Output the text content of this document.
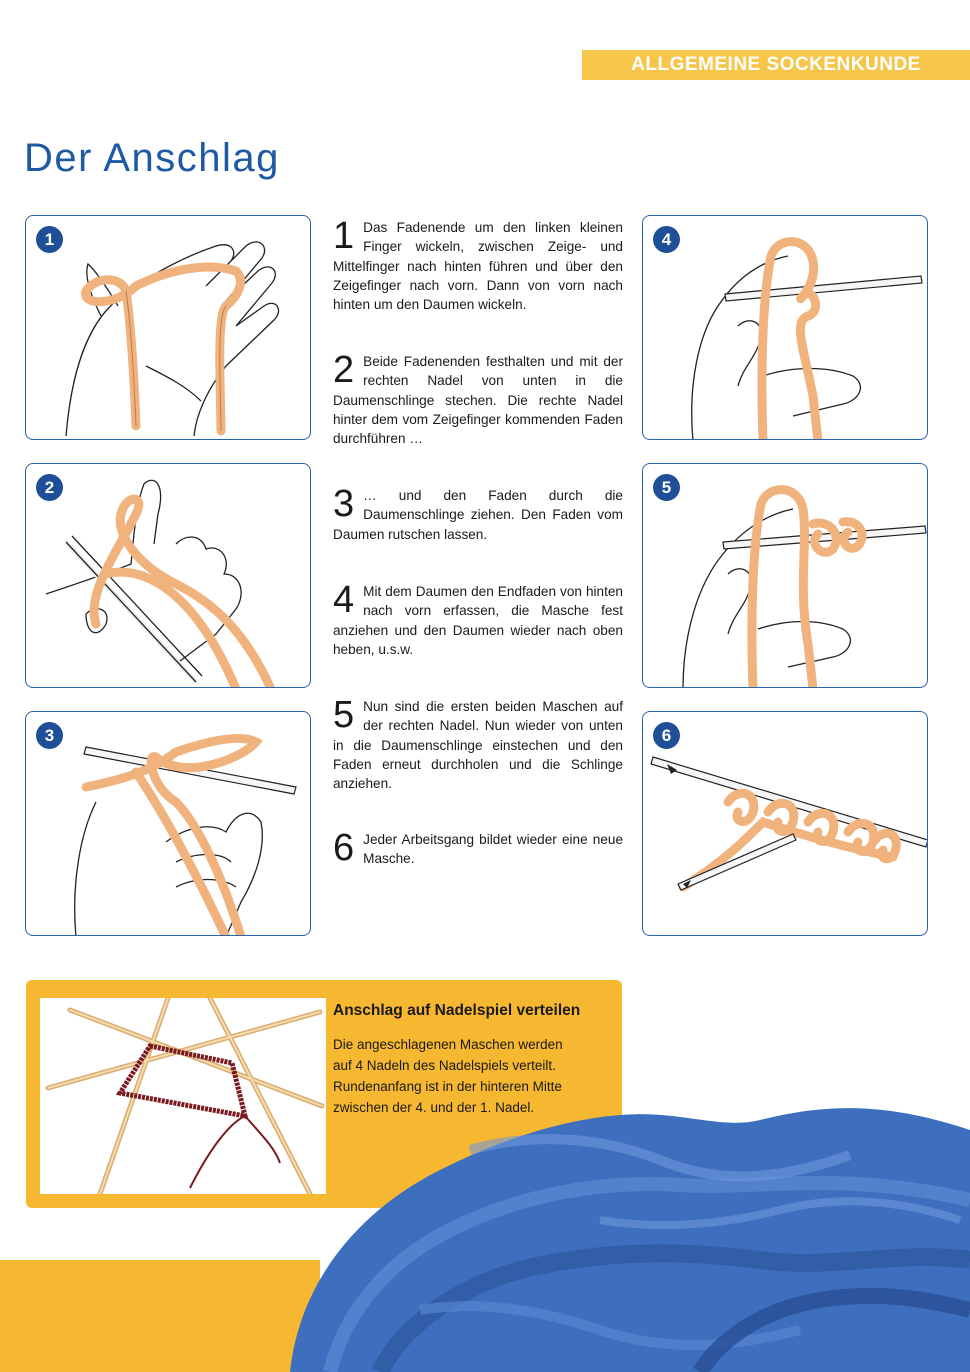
ALLGEMEINE SOCKENKUNDE
Der Anschlag
1
2
3
4
5
6
1 Das Fadenende um den linken kleinen Finger wickeln, zwischen Zeige- und Mittelfinger nach hinten führen und über den Zeigefinger nach vorn. Dann von vorn nach hinten um den Daumen wickeln.
2 Beide Fadenenden festhalten und mit der rechten Nadel von unten in die Daumenschlinge stechen. Die rechte Nadel hinter dem vom Zeigefinger kommenden Faden durchführen …
3 … und den Faden durch die Daumenschlinge ziehen. Den Faden vom Daumen rutschen lassen.
4 Mit dem Daumen den Endfaden von hinten nach vorn erfassen, die Masche fest anziehen und den Daumen wieder nach oben heben, u.s.w.
5 Nun sind die ersten beiden Maschen auf der rechten Nadel. Nun wieder von unten in die Daumenschlinge einstechen und den Faden erneut durchholen und die Schlinge anziehen.
6 Jeder Arbeitsgang bildet wieder eine neue Masche.
Anschlag auf Nadelspiel verteilen

Die angeschlagenen Maschen werden
auf 4 Nadeln des Nadelspiels verteilt.
Rundenanfang ist in der hinteren Mitte
zwischen der 4. und der 1. Nadel.
